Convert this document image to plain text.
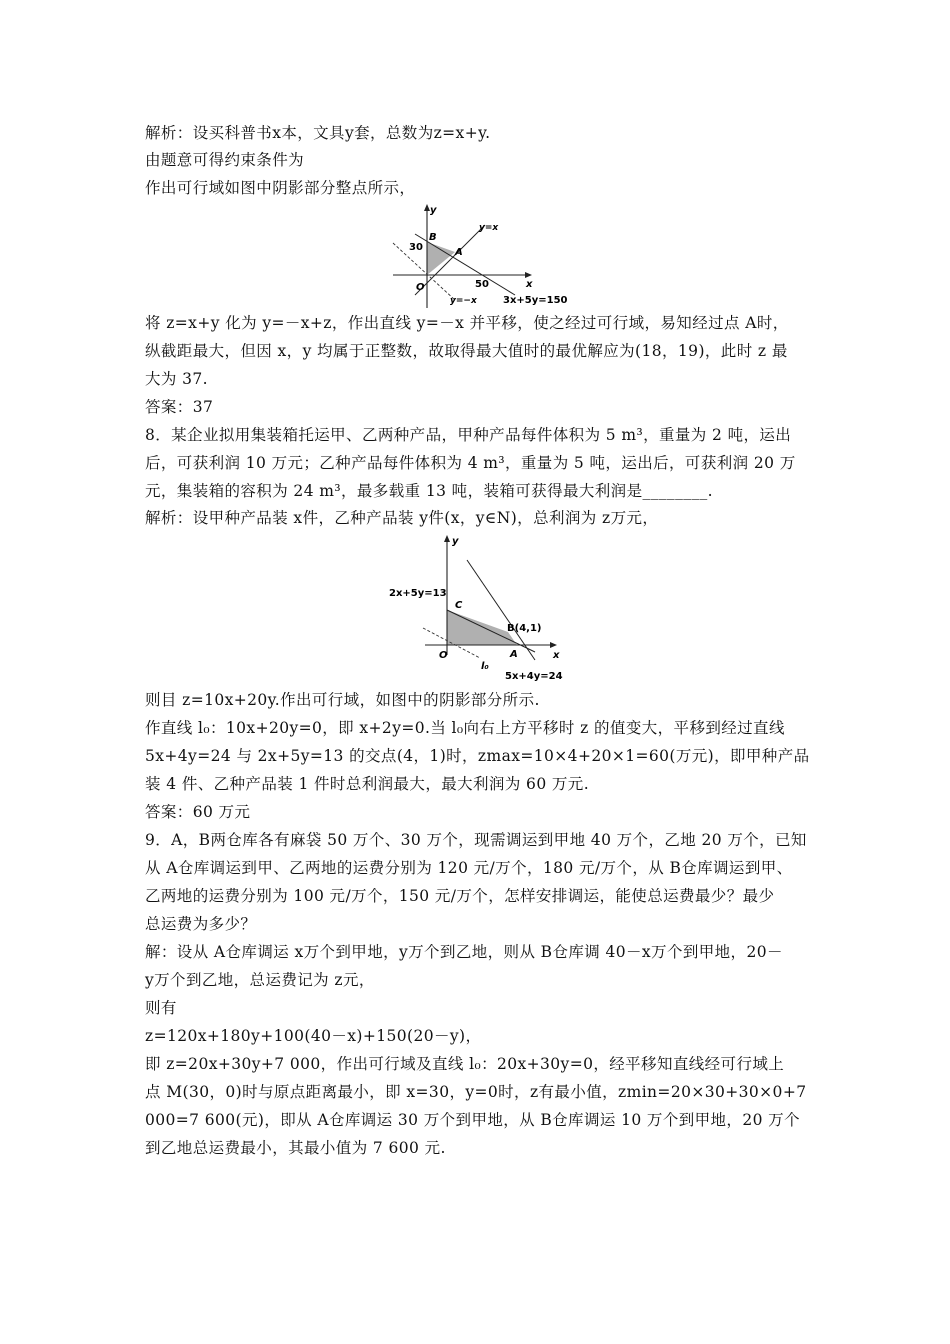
解析：设买科普书x本，文具y套，总数为z=x+y.
由题意可得约束条件为
作出可行域如图中阴影部分整点所示，
y
x
O
y=x
y=−x
30
50
B
A
3x+5y=150
将 z=x+y 化为 y=－x+z，作出直线 y=－x 并平移，使之经过可行域，易知经过点 A时，
纵截距最大，但因 x，y 均属于正整数，故取得最大值时的最优解应为(18，19)，此时 z 最
大为 37.
答案：37
8．某企业拟用集装箱托运甲、乙两种产品，甲种产品每件体积为 5 m³，重量为 2 吨，运出
后，可获利润 10 万元；乙种产品每件体积为 4 m³，重量为 5 吨，运出后，可获利润 20 万
元，集装箱的容积为 24 m³，最多载重 13 吨，装箱可获得最大利润是________.
解析：设甲种产品装 x件，乙种产品装 y件(x，y∈N)，总利润为 z万元，
y
x
O
2x+5y=13
C
B(4,1)
A
l₀
5x+4y=24
则目 z=10x+20y.作出可行域，如图中的阴影部分所示.
作直线 l₀：10x+20y=0，即 x+2y=0.当 l₀向右上方平移时 z 的值变大，平移到经过直线
5x+4y=24 与 2x+5y=13 的交点(4，1)时，zmax=10×4+20×1=60(万元)，即甲种产品
装 4 件、乙种产品装 1 件时总利润最大，最大利润为 60 万元.
答案：60 万元
9．A，B两仓库各有麻袋 50 万个、30 万个，现需调运到甲地 40 万个，乙地 20 万个，已知
从 A仓库调运到甲、乙两地的运费分别为 120 元/万个，180 元/万个，从 B仓库调运到甲、
乙两地的运费分别为 100 元/万个，150 元/万个，怎样安排调运，能使总运费最少？最少
总运费为多少？
解：设从 A仓库调运 x万个到甲地，y万个到乙地，则从 B仓库调 40－x万个到甲地，20－
y万个到乙地，总运费记为 z元，
则有
z=120x+180y+100(40－x)+150(20－y)，
即 z=20x+30y+7 000，作出可行域及直线 l₀：20x+30y=0，经平移知直线经可行域上
点 M(30，0)时与原点距离最小，即 x=30，y=0时，z有最小值，zmin=20×30+30×0+7
000=7 600(元)，即从 A仓库调运 30 万个到甲地，从 B仓库调运 10 万个到甲地，20 万个
到乙地总运费最小，其最小值为 7 600 元.
